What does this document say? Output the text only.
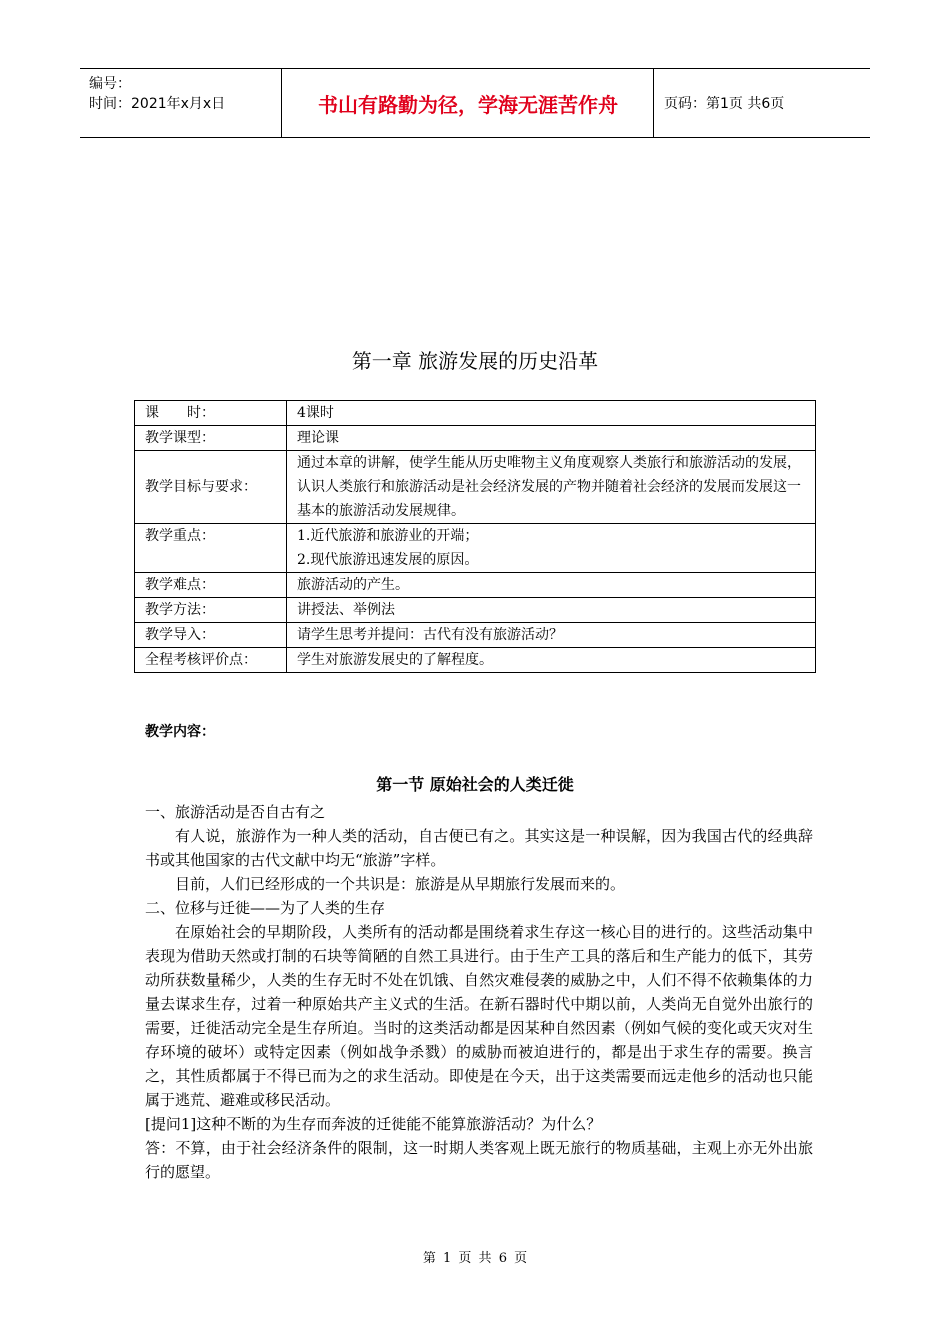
编号：
时间：2021年x月x日	书山有路勤为径，学海无涯苦作舟	页码：第1页 共6页
第一章 旅游发展的历史沿革
课　　时：	4课时

教学课型：	理论课

教学目标与要求：	通过本章的讲解，使学生能从历史唯物主义角度观察人类旅行和旅游活动的发展，认识人类旅行和旅游活动是社会经济发展的产物并随着社会经济的发展而发展这一基本的旅游活动发展规律。

教学重点：	1.近代旅游和旅游业的开端；
2.现代旅游迅速发展的原因。

教学难点：	旅游活动的产生。

教学方法：	讲授法、举例法

教学导入：	请学生思考并提问：古代有没有旅游活动？

全程考核评价点：	学生对旅游发展史的了解程度。
教学内容：
第一节 原始社会的人类迁徙

一、旅游活动是否自古有之

有人说，旅游作为一种人类的活动，自古便已有之。其实这是一种误解，因为我国古代的经典辞书或其他国家的古代文献中均无“旅游”字样。

目前，人们已经形成的一个共识是：旅游是从早期旅行发展而来的。

二、位移与迁徙——为了人类的生存

在原始社会的早期阶段，人类所有的活动都是围绕着求生存这一核心目的进行的。这些活动集中表现为借助天然或打制的石块等简陋的自然工具进行。由于生产工具的落后和生产能力的低下，其劳动所获数量稀少，人类的生存无时不处在饥饿、自然灾难侵袭的威胁之中，人们不得不依赖集体的力量去谋求生存，过着一种原始共产主义式的生活。在新石器时代中期以前，人类尚无自觉外出旅行的需要，迁徙活动完全是生存所迫。当时的这类活动都是因某种自然因素（例如气候的变化或天灾对生存环境的破坏）或特定因素（例如战争杀戮）的威胁而被迫进行的，都是出于求生存的需要。换言之，其性质都属于不得已而为之的求生活动。即使是在今天，出于这类需要而远走他乡的活动也只能属于逃荒、避难或移民活动。

[提问1]这种不断的为生存而奔波的迁徙能不能算旅游活动？为什么？

答：不算，由于社会经济条件的限制，这一时期人类客观上既无旅行的物质基础，主观上亦无外出旅行的愿望。

第 1 页 共 6 页
